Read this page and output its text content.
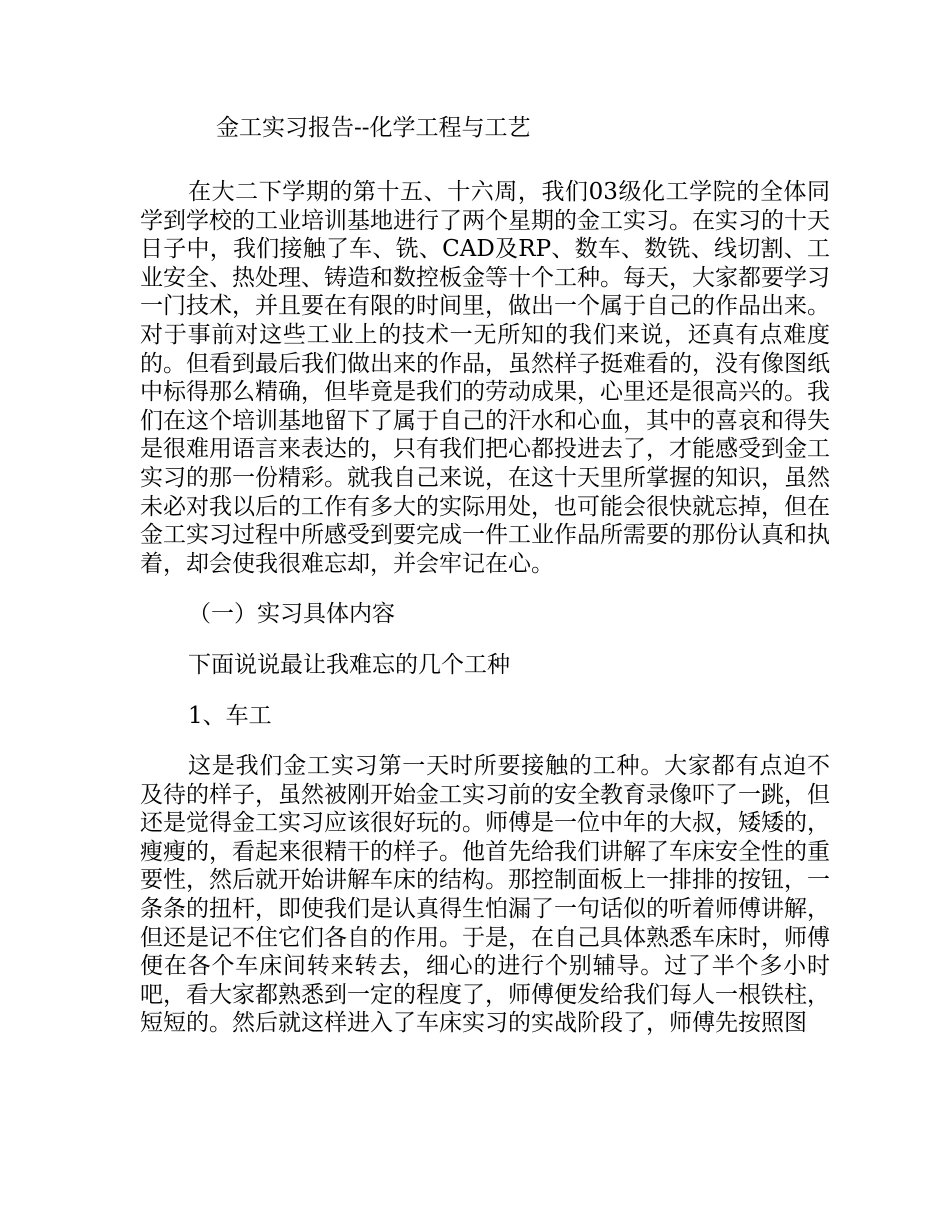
金工实习报告--化学工程与工艺

在大二下学期的第十五、十六周，我们03级化工学院的全体同学到学校的工业培训基地进行了两个星期的金工实习。在实习的十天日子中，我们接触了车、铣、CAD及RP、数车、数铣、线切割、工业安全、热处理、铸造和数控板金等十个工种。每天，大家都要学习一门技术，并且要在有限的时间里，做出一个属于自己的作品出来。对于事前对这些工业上的技术一无所知的我们来说，还真有点难度的。但看到最后我们做出来的作品，虽然样子挺难看的，没有像图纸中标得那么精确，但毕竟是我们的劳动成果，心里还是很高兴的。我们在这个培训基地留下了属于自己的汗水和心血，其中的喜哀和得失是很难用语言来表达的，只有我们把心都投进去了，才能感受到金工实习的那一份精彩。就我自己来说，在这十天里所掌握的知识，虽然未必对我以后的工作有多大的实际用处，也可能会很快就忘掉，但在金工实习过程中所感受到要完成一件工业作品所需要的那份认真和执着，却会使我很难忘却，并会牢记在心。

（一）实习具体内容

下面说说最让我难忘的几个工种

1、车工

这是我们金工实习第一天时所要接触的工种。大家都有点迫不及待的样子，虽然被刚开始金工实习前的安全教育录像吓了一跳，但还是觉得金工实习应该很好玩的。师傅是一位中年的大叔，矮矮的，瘦瘦的，看起来很精干的样子。他首先给我们讲解了车床安全性的重要性，然后就开始讲解车床的结构。那控制面板上一排排的按钮，一条条的扭杆，即使我们是认真得生怕漏了一句话似的听着师傅讲解，但还是记不住它们各自的作用。于是，在自己具体熟悉车床时，师傅便在各个车床间转来转去，细心的进行个别辅导。过了半个多小时吧，看大家都熟悉到一定的程度了，师傅便发给我们每人一根铁柱，短短的。然后就这样进入了车床实习的实战阶段了，师傅先按照图
